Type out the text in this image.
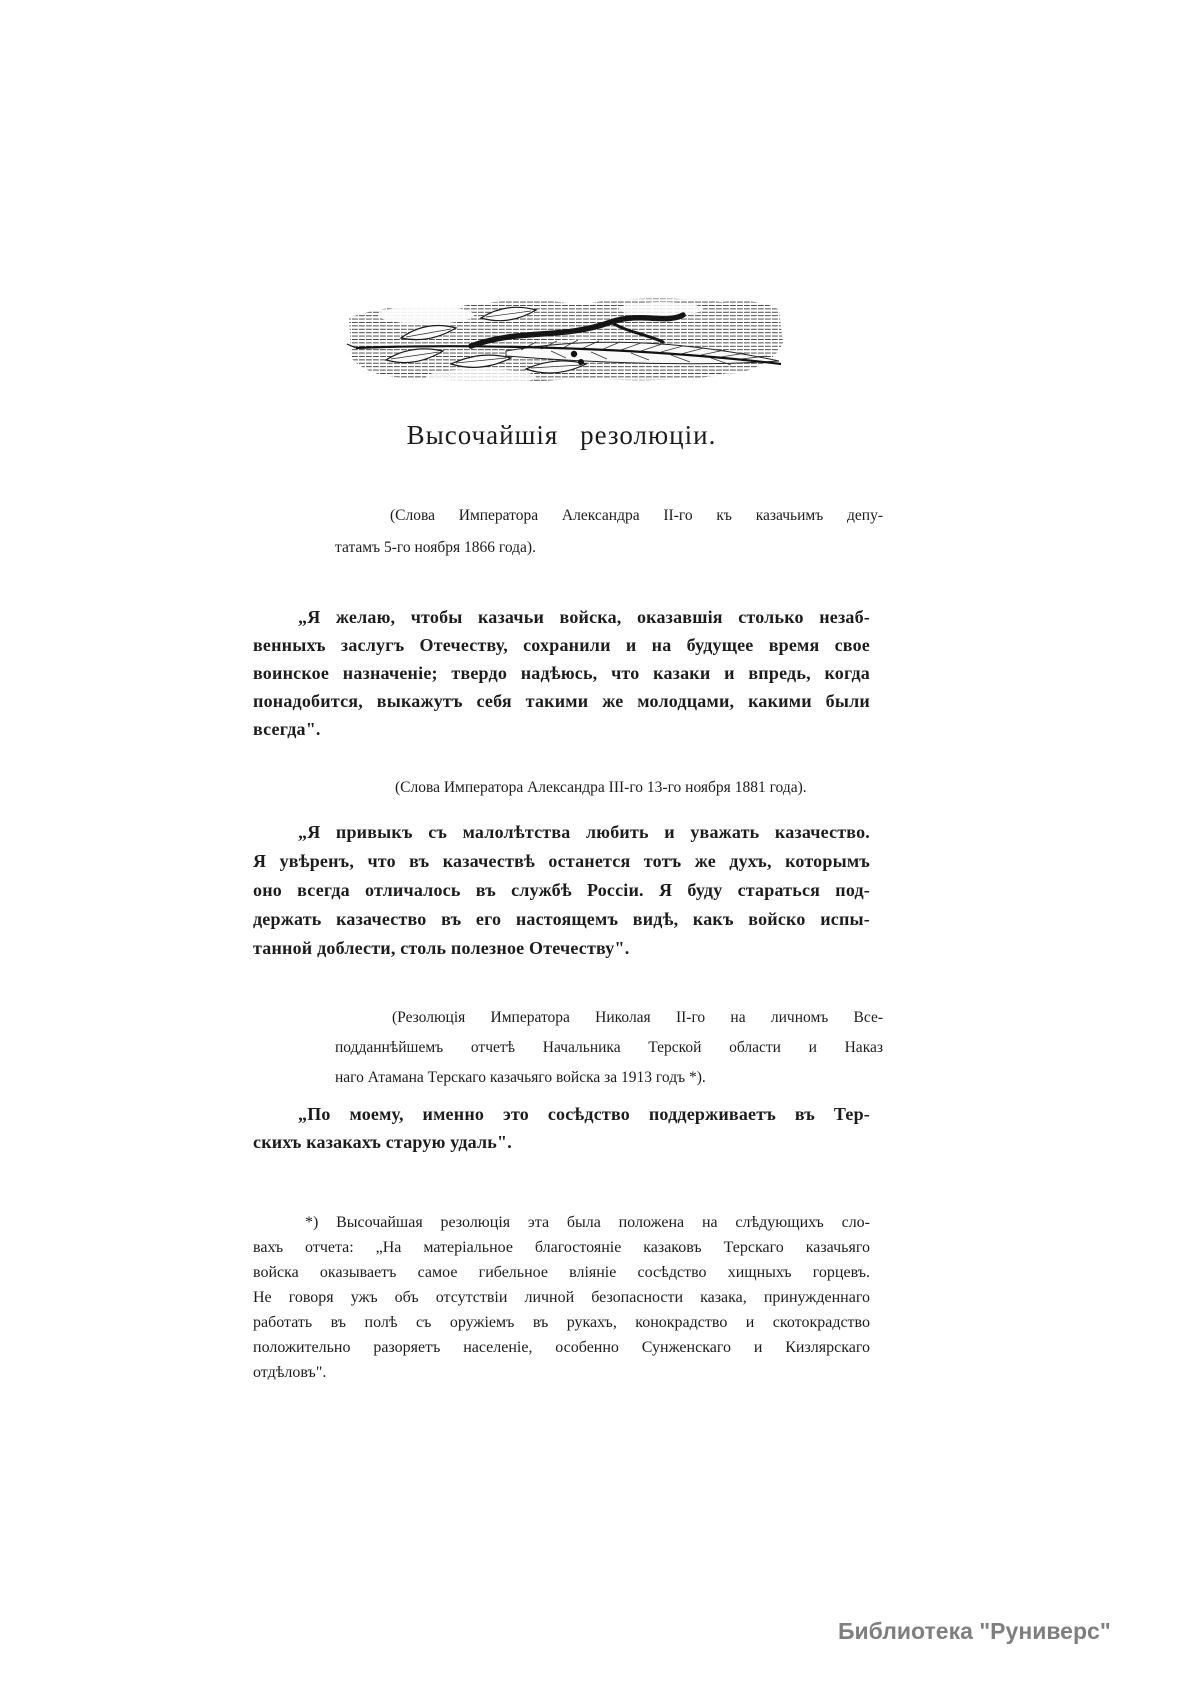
Высочайшія резолюціи.
(Слова Императора Александра II-го къ казачьимъ депу-
татамъ 5-го ноября 1866 года).
„Я желаю, чтобы казачьи войска, оказавшія столько незаб-
венныхъ заслугъ Отечеству, сохранили и на будущее время свое
воинское назначеніе; твердо надѣюсь, что казаки и впредь, когда
понадобится, выкажутъ себя такими же молодцами, какими были
всегда".
(Слова Императора Александра III-го 13-го ноября 1881 года).
„Я привыкъ съ малолѣтства любить и уважать казачество.
Я увѣренъ, что въ казачествѣ останется тотъ же духъ, которымъ
оно всегда отличалось въ службѣ Россіи. Я буду стараться под-
держать казачество въ его настоящемъ видѣ, какъ войско испы-
танной доблести, столь полезное Отечеству".
(Резолюція Императора Николая II-го на личномъ Все-
подданнѣйшемъ отчетѣ Начальника Терской области и Наказ
наго Атамана Терскаго казачьяго войска за 1913 годъ *).
„По моему, именно это сосѣдство поддерживаетъ въ Тер-
скихъ казакахъ старую удаль".
*) Высочайшая резолюція эта была положена на слѣдующихъ сло-
вахъ отчета: „На матеріальное благостояніе казаковъ Терскаго казачьяго
войска оказываетъ самое гибельное вліяніе сосѣдство хищныхъ горцевъ.
Не говоря ужъ объ отсутствіи личной безопасности казака, принужденнаго
работать въ полѣ съ оружіемъ въ рукахъ, конокрадство и скотокрадство
положительно разоряетъ населеніе, особенно Сунженскаго и Кизлярскаго
отдѣловъ".
Библиотека "Руниверс"
